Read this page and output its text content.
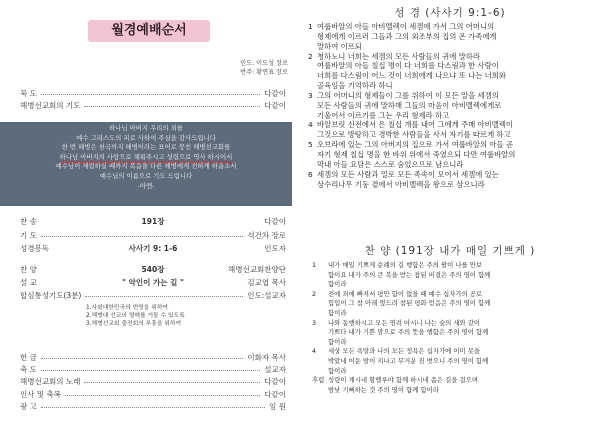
월경예배순서
인도: 이도성 장로
반주: 황연표 장로
묵 도	다같이
해병선교회의 기도	다같이
하나님 아버지 우리의 죄를
예수 그리스도의 피로 사하여 주심을 감사드립니다
한 번 해병은 천국까지 해병이라는 표어로 뭉친 해병선교회를
하나님 아버지의 사랑으로 채워주시고 성령으로 역사 하시어서
예수님이 재림하실 때까지 복음을 다른 해병에게 전하게 하옵소서
예수님의 이름으로 기도 드립니다
-아멘-
찬 송	191장	다같이
기 도	석건차 장로
성경봉독	사사기 9: 1-6	인도자
찬 양	540장	해병선교회찬양단
설 교	" 악인이 가는 길 "	김교엽 목사
합심통성기도(3분)	인도:설교자
1.사회대한민국의 번영을 위하여
2.해병대 선교의 열매를 거둘 수 있도록
3.해병선교회 출전회의 부흥을 위하여
헌 금	이화자 목사
축 도	설교자
해병선교회의 노래	다같이
인사 및 축복	다같이
광 고	임 원
성 경 (사사기 9:1-6)
1 여룹바알의 아들 아비멜렉이 세겜에 가서 그의 어머니의
형제에게 이르러 그들과 그의 외조부의 집의 온 가족에게
말하여 이르되
2 청하노니 너희는 세겜의 모든 사람들의 귀에 말하라
여룹바알의 아들 칠십 명이 다 너희를 다스림과 한 사람이
너희를 다스림이 어느 것이 너희에게 나으냐 또 나는 너희와
골육임을 기억하라 하니
3 그의 어머니의 형제들이 그를 위하여 이 모든 말을 세겜의
모든 사람들의 귀에 말하매 그들의 마음이 아비멜렉에게로
기울어서 이르기를 그는 우리 형제라 하고
4 바알브릿 신전에서 은 칠십 개를 내어 그에게 주매 아비멜렉이
그것으로 방탕하고 경박한 사람들을 사서 자기를 따르게 하고
5 오브라에 있는 그의 아버지의 집으로 가서 여룹바알의 아들 곧
자기 형제 칠십 명을 한 바위 위에서 죽였으되 다만 여룹바알의
막내 아들 요담은 스스로 숨었으므로 남으니라
6 세겜의 모든 사람과 밀로 모든 족속이 모여서 세겜에 있는
상수리나무 기둥 곁에서 아비멜렉을 왕으로 삼으니라
찬 양 (191장 내가 매일 기쁘게 )
1 내가 매일 기쁘게 순례의 길 행함은 주의 팔이 나를 안보
함이요 내가 주의 큰 복을 받는 참된 비결은 주의 영이 함께
함이라
2 전에 죄에 빠져서 평안 함이 없을 때 예수 십자가의 공로
힘입어 그 참 아래 엎드려 참된 평화 얻음은 주의 영이 함께
함이라
3 나와 동행하시고 모든 염려 아시니 나는 숲의 새와 같이
기쁘다 내가 기쁜 맘으로 주의 뜻을 행함은 주의 영이 함께
함이라
4 세상 모든 욕망과 나의 모든 정욕은 십자가에 이미 못을
박았네 어둔 밤이 지나고 무거운 짐 벗으니 주의 영이 함께
함이라
후렴 성령이 계시네 할렐루야 함께 하시네 좁은 길을 걸으며
밤낮 기뻐하는 것 주의 영이 함께 함이라
